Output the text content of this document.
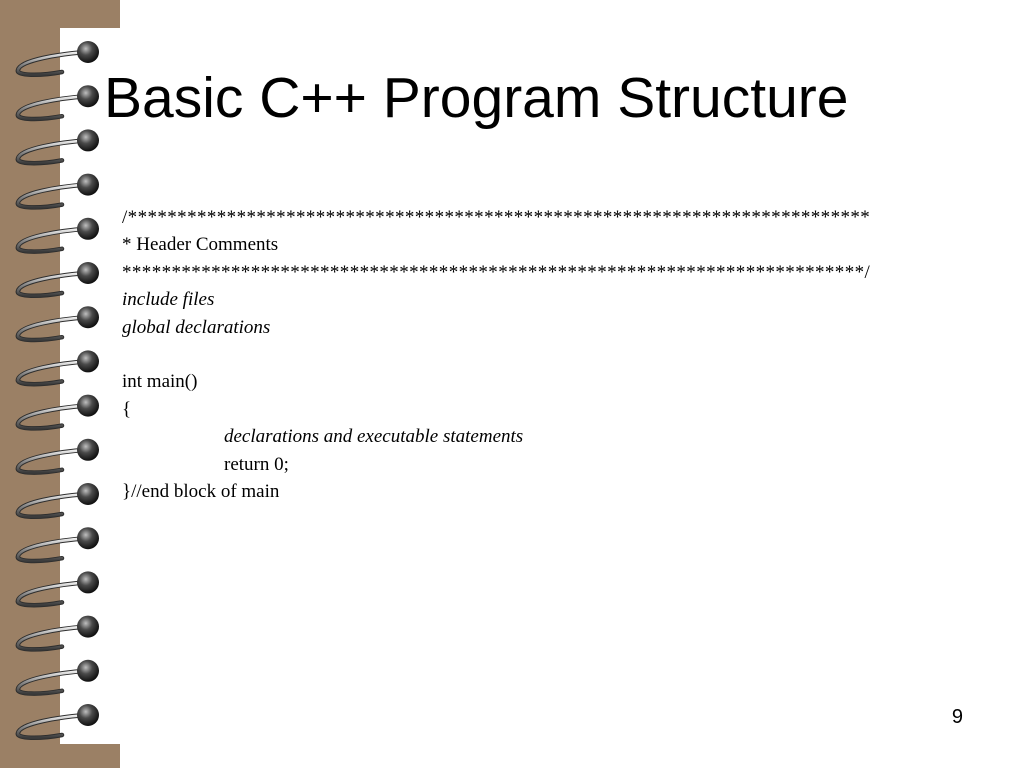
Basic C++ Program Structure
/***************************************************************************
* Header Comments
***************************************************************************/
include files
global declarations
int main()
{
declarations and executable statements
return 0;
}//end block of main
9
